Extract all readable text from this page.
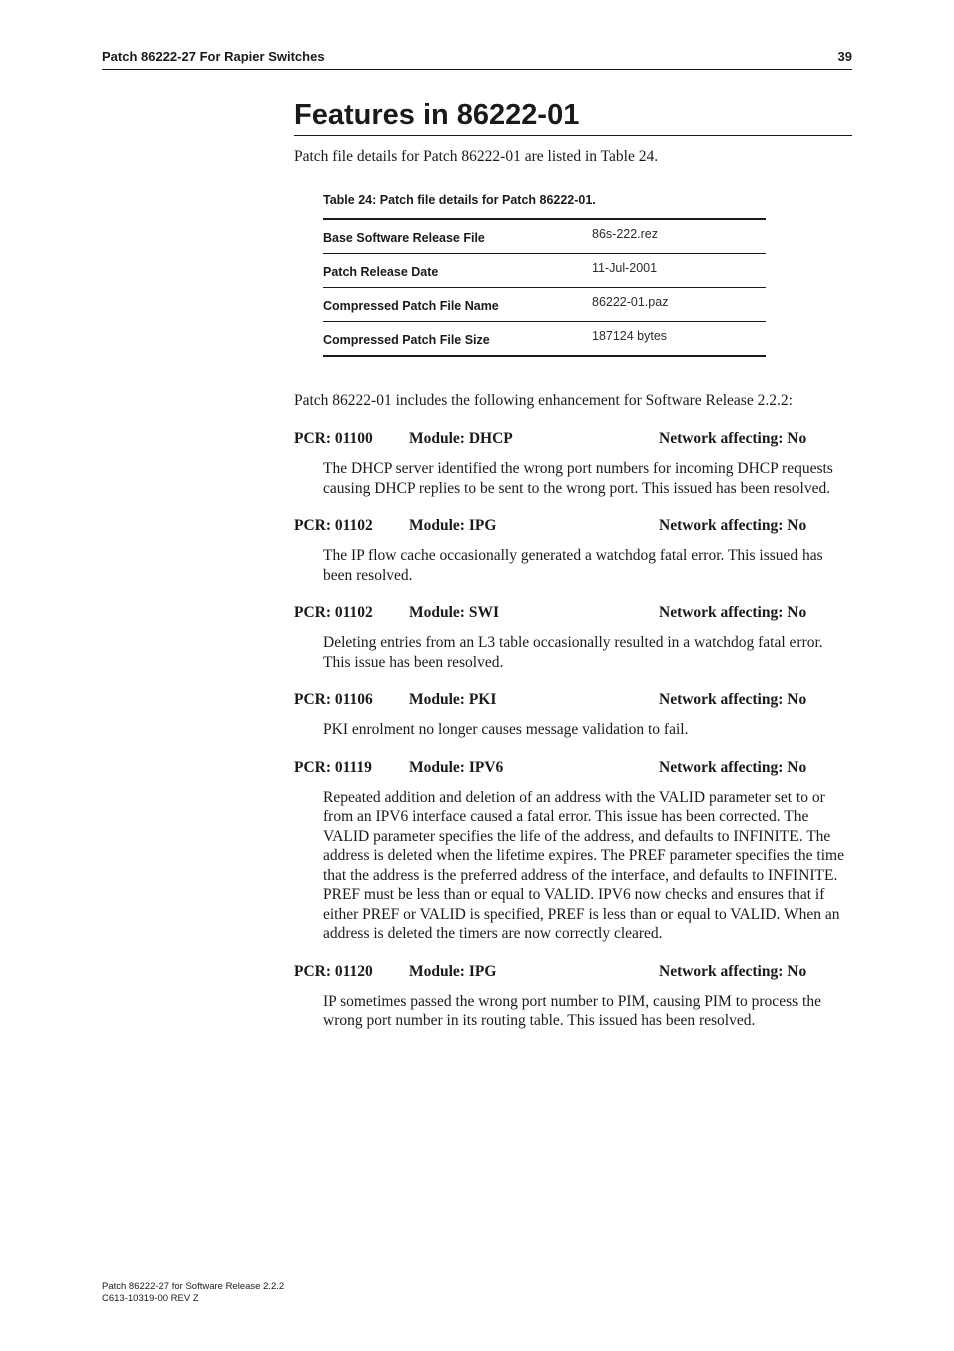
Patch 86222-27 For Rapier Switches	39
Features in 86222-01
Patch file details for Patch 86222-01 are listed in Table 24.
Table 24: Patch file details for Patch 86222-01.
Base Software Release File	86s-222.rez
Patch Release Date	11-Jul-2001
Compressed Patch File Name	86222-01.paz
Compressed Patch File Size	187124 bytes
Patch 86222-01 includes the following enhancement for Software Release 2.2.2:
PCR: 01100 Module: DHCP	Network affecting: No
The DHCP server identified the wrong port numbers for incoming DHCP requests causing DHCP replies to be sent to the wrong port. This issued has been resolved.
PCR: 01102 Module: IPG	Network affecting: No
The IP flow cache occasionally generated a watchdog fatal error. This issued has been resolved.
PCR: 01102 Module: SWI	Network affecting: No
Deleting entries from an L3 table occasionally resulted in a watchdog fatal error. This issue has been resolved.
PCR: 01106 Module: PKI	Network affecting: No
PKI enrolment no longer causes message validation to fail.
PCR: 01119 Module: IPV6	Network affecting: No
Repeated addition and deletion of an address with the VALID parameter set to or from an IPV6 interface caused a fatal error. This issue has been corrected. The VALID parameter specifies the life of the address, and defaults to INFINITE. The address is deleted when the lifetime expires. The PREF parameter specifies the time that the address is the preferred address of the interface, and defaults to INFINITE. PREF must be less than or equal to VALID. IPV6 now checks and ensures that if either PREF or VALID is specified, PREF is less than or equal to VALID. When an address is deleted the timers are now correctly cleared.
PCR: 01120 Module: IPG	Network affecting: No
IP sometimes passed the wrong port number to PIM, causing PIM to process the wrong port number in its routing table. This issued has been resolved.
Patch 86222-27 for Software Release 2.2.2
C613-10319-00 REV Z
